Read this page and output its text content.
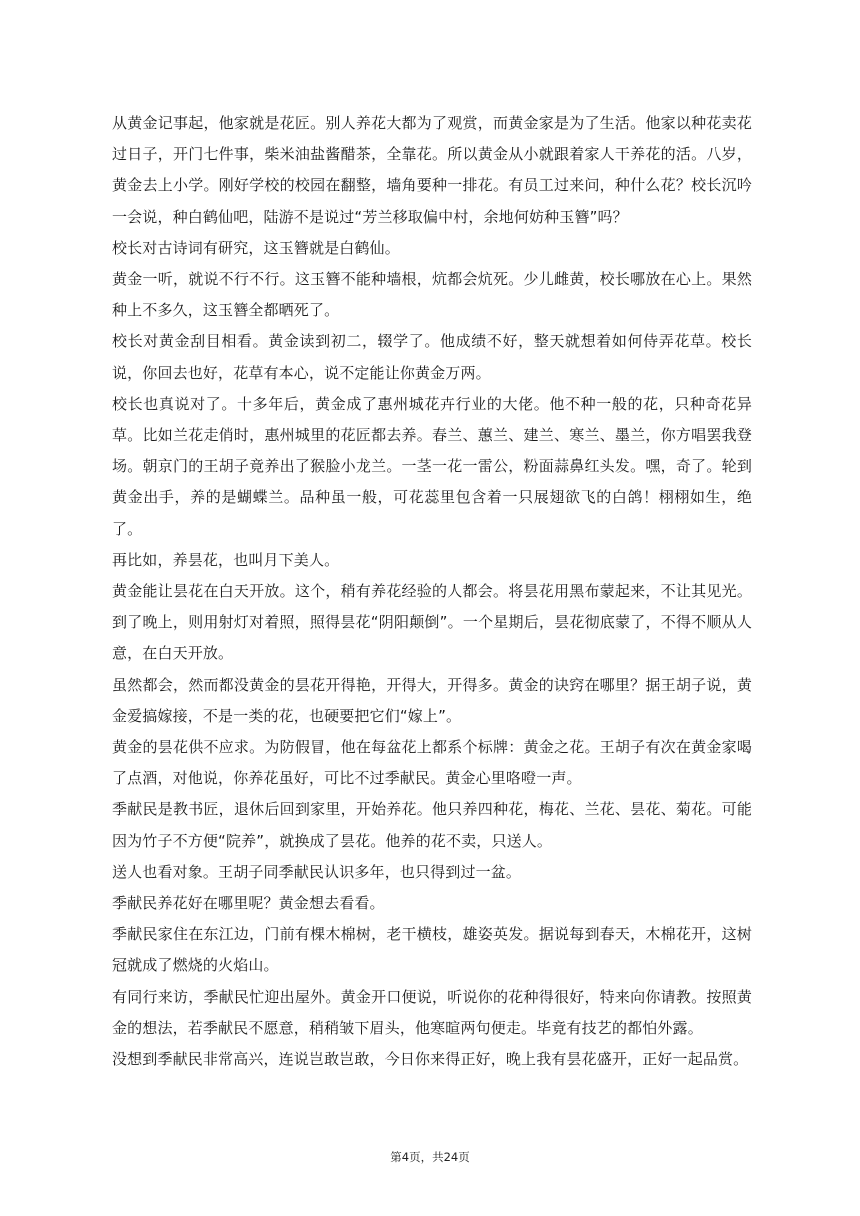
从黄金记事起，他家就是花匠。别人养花大都为了观赏，而黄金家是为了生活。他家以种花卖花过日子，开门七件事，柴米油盐酱醋茶，全靠花。所以黄金从小就跟着家人干养花的活。八岁，黄金去上小学。刚好学校的校园在翻整，墙角要种一排花。有员工过来问，种什么花？校长沉吟一会说，种白鹤仙吧，陆游不是说过“芳兰移取偏中村，余地何妨种玉簪”吗？

校长对古诗词有研究，这玉簪就是白鹤仙。

黄金一听，就说不行不行。这玉簪不能种墙根，炕都会炕死。少儿雌黄，校长哪放在心上。果然种上不多久，这玉簪全都晒死了。

校长对黄金刮目相看。黄金读到初二，辍学了。他成绩不好，整天就想着如何侍弄花草。校长说，你回去也好，花草有本心，说不定能让你黄金万两。

校长也真说对了。十多年后，黄金成了惠州城花卉行业的大佬。他不种一般的花，只种奇花异草。比如兰花走俏时，惠州城里的花匠都去养。春兰、蕙兰、建兰、寒兰、墨兰，你方唱罢我登场。朝京门的王胡子竟养出了猴脸小龙兰。一茎一花一雷公，粉面蒜鼻红头发。嘿，奇了。轮到黄金出手，养的是蝴蝶兰。品种虽一般，可花蕊里包含着一只展翅欲飞的白鸽！栩栩如生，绝了。

再比如，养昙花，也叫月下美人。

黄金能让昙花在白天开放。这个，稍有养花经验的人都会。将昙花用黑布蒙起来，不让其见光。到了晚上，则用射灯对着照，照得昙花“阴阳颠倒”。一个星期后，昙花彻底蒙了，不得不顺从人意，在白天开放。

虽然都会，然而都没黄金的昙花开得艳，开得大，开得多。黄金的诀窍在哪里？据王胡子说，黄金爱搞嫁接，不是一类的花，也硬要把它们“嫁上”。

黄金的昙花供不应求。为防假冒，他在每盆花上都系个标牌：黄金之花。王胡子有次在黄金家喝了点酒，对他说，你养花虽好，可比不过季献民。黄金心里咯噔一声。

季献民是教书匠，退休后回到家里，开始养花。他只养四种花，梅花、兰花、昙花、菊花。可能因为竹子不方便“院养”，就换成了昙花。他养的花不卖，只送人。

送人也看对象。王胡子同季献民认识多年，也只得到过一盆。

季献民养花好在哪里呢？黄金想去看看。

季献民家住在东江边，门前有棵木棉树，老干横枝，雄姿英发。据说每到春天，木棉花开，这树冠就成了燃烧的火焰山。

有同行来访，季献民忙迎出屋外。黄金开口便说，听说你的花种得很好，特来向你请教。按照黄金的想法，若季献民不愿意，稍稍皱下眉头，他寒暄两句便走。毕竟有技艺的都怕外露。

没想到季献民非常高兴，连说岂敢岂敢，今日你来得正好，晚上我有昙花盛开，正好一起品赏。

第4页，共24页
